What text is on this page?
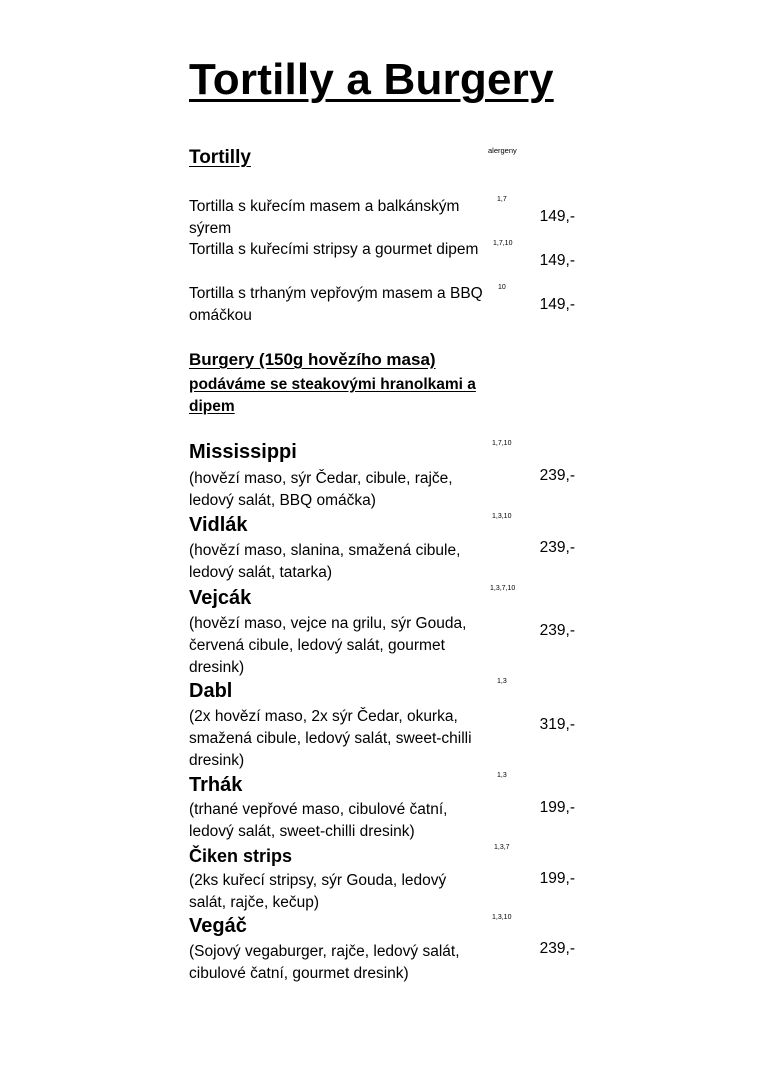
Tortilly a Burgery
alergeny
Tortilly
1,7
Tortilla s kuřecím masem a balkánským sýrem
149,-
1,7,10
Tortilla s kuřecími stripsy a gourmet dipem
149,-
10
Tortilla s trhaným vepřovým masem a BBQ omáčkou
149,-
Burgery (150g hovězího masa)
podáváme se steakovými hranolkami a dipem
1,7,10
Mississippi
(hovězí maso, sýr Čedar, cibule, rajče, ledový salát, BBQ omáčka)
239,-
1,3,10
Vidlák
(hovězí maso, slanina, smažená cibule, ledový salát, tatarka)
239,-
1,3,7,10
Vejcák
(hovězí maso, vejce na grilu, sýr Gouda, červená cibule, ledový salát, gourmet dresink)
239,-
1,3
Dabl
(2x hovězí maso, 2x sýr Čedar, okurka, smažená cibule, ledový salát, sweet-chilli dresink)
319,-
1,3
Trhák
(trhané vepřové maso, cibulové čatní, ledový salát, sweet-chilli dresink)
199,-
1,3,7
Čiken strips
(2ks kuřecí stripsy, sýr Gouda, ledový salát, rajče, kečup)
199,-
1,3,10
Vegáč
(Sojový vegaburger, rajče, ledový salát, cibulové čatní, gourmet dresink)
239,-
